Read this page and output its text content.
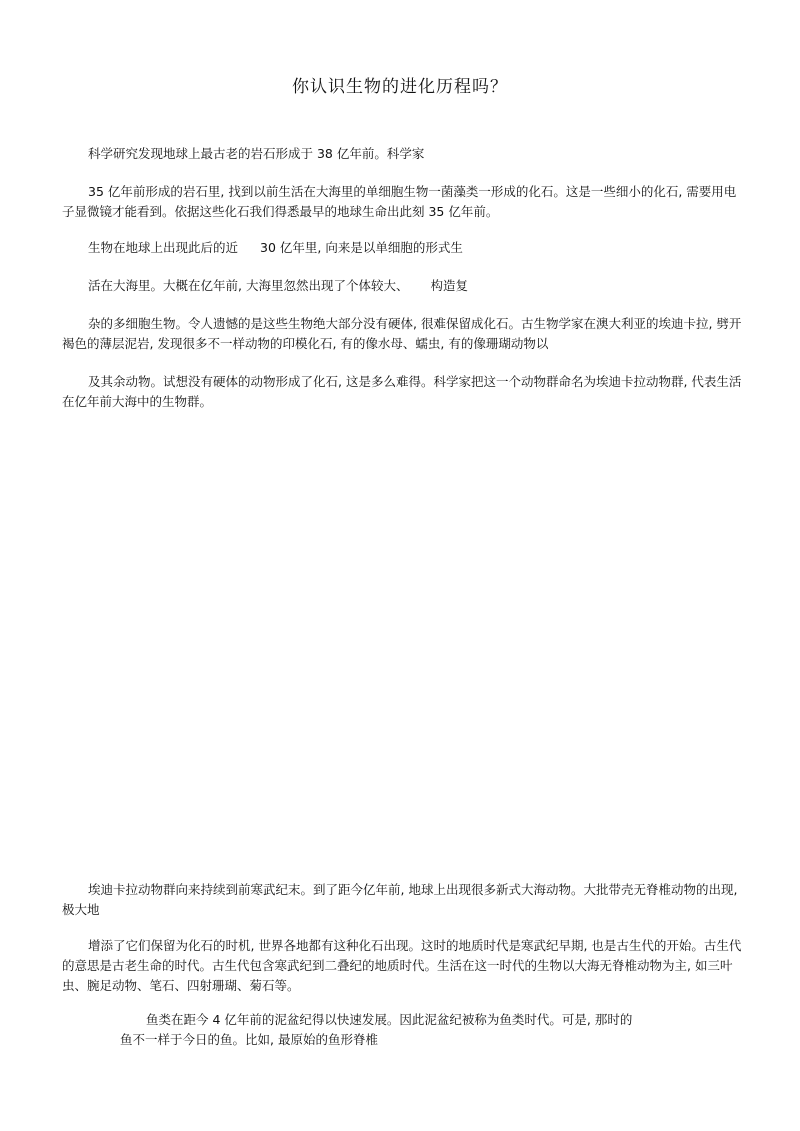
你认识生物的进化历程吗？
科学研究发现地球上最古老的岩石形成于 38 亿年前。科学家
35 亿年前形成的岩石里, 找到以前生活在大海里的单细胞生物一菌藻类一形成的化石。这是一些细小的化石, 需要用电子显微镜才能看到。依据这些化石我们得悉最早的地球生命出此刻 35 亿年前。
生物在地球上出现此后的近 30 亿年里, 向来是以单细胞的形式生
活在大海里。大概在亿年前, 大海里忽然出现了个体较大、 构造复
杂的多细胞生物。令人遗憾的是这些生物绝大部分没有硬体, 很难保留成化石。古生物学家在澳大利亚的埃迪卡拉, 劈开褐色的薄层泥岩, 发现很多不一样动物的印模化石, 有的像水母、蠕虫, 有的像珊瑚动物以
及其余动物。试想没有硬体的动物形成了化石, 这是多么难得。科学家把这一个动物群命名为埃迪卡拉动物群, 代表生活在亿年前大海中的生物群。
埃迪卡拉动物群向来持续到前寒武纪末。到了距今亿年前, 地球上出现很多新式大海动物。大批带壳无脊椎动物的出现, 极大地
增添了它们保留为化石的时机, 世界各地都有这种化石出现。这时的地质时代是寒武纪早期, 也是古生代的开始。古生代的意思是古老生命的时代。古生代包含寒武纪到二叠纪的地质时代。生活在这一时代的生物以大海无脊椎动物为主, 如三叶虫、腕足动物、笔石、四射珊瑚、菊石等。
鱼类在距今 4 亿年前的泥盆纪得以快速发展。因此泥盆纪被称为鱼类时代。可是, 那时的
鱼不一样于今日的鱼。比如, 最原始的鱼形脊椎
